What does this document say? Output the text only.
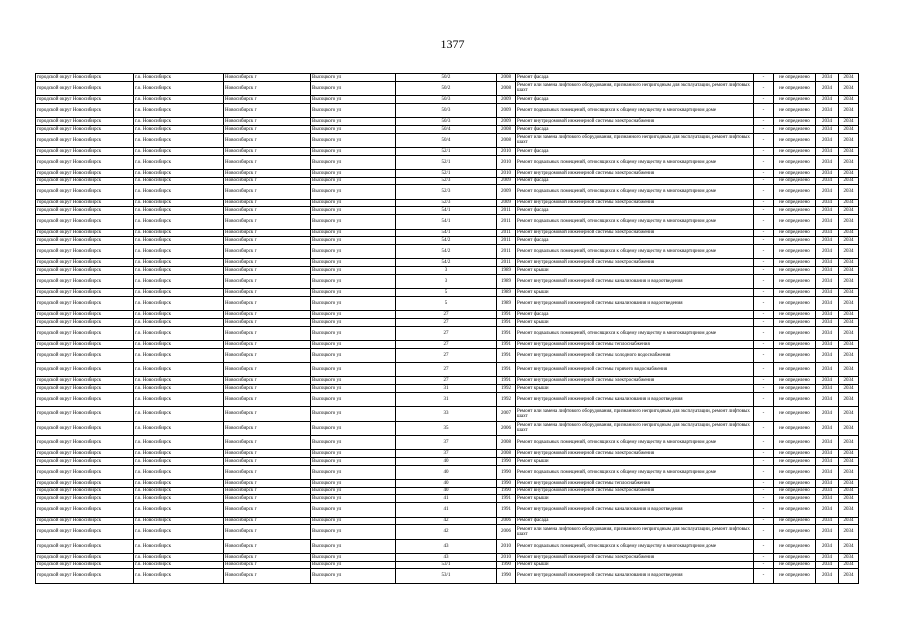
1377
городской округ Новосибирск	г.о. Новосибирск	Новосибирск г	Высоцкого ул	50/2	2008	Ремонт фасада	-	не определено	2034	2034
городской округ Новосибирск	г.о. Новосибирск	Новосибирск г	Высоцкого ул	50/2	2008	Ремонт или замена лифтового оборудования, признанного непригодным для эксплуатации, ремонт лифтовых шахт	-	не определено	2034	2034
городской округ Новосибирск	г.о. Новосибирск	Новосибирск г	Высоцкого ул	50/3	2009	Ремонт фасада	-	не определено	2034	2034
городской округ Новосибирск	г.о. Новосибирск	Новосибирск г	Высоцкого ул	50/3	2009	Ремонт подвальных помещений, относящихся к общему имуществу в многоквартирном доме	-	не определено	2034	2034
городской округ Новосибирск	г.о. Новосибирск	Новосибирск г	Высоцкого ул	50/3	2009	Ремонт внутридомовой инженерной системы электроснабжения	-	не определено	2034	2034
городской округ Новосибирск	г.о. Новосибирск	Новосибирск г	Высоцкого ул	50/4	2008	Ремонт фасада	-	не определено	2034	2034
городской округ Новосибирск	г.о. Новосибирск	Новосибирск г	Высоцкого ул	50/4	2008	Ремонт или замена лифтового оборудования, признанного непригодным для эксплуатации, ремонт лифтовых шахт	-	не определено	2034	2034
городской округ Новосибирск	г.о. Новосибирск	Новосибирск г	Высоцкого ул	52/1	2010	Ремонт фасада	-	не определено	2034	2034
городской округ Новосибирск	г.о. Новосибирск	Новосибирск г	Высоцкого ул	52/1	2010	Ремонт подвальных помещений, относящихся к общему имуществу в многоквартирном доме	-	не определено	2034	2034
городской округ Новосибирск	г.о. Новосибирск	Новосибирск г	Высоцкого ул	52/1	2010	Ремонт внутридомовой инженерной системы электроснабжения	-	не определено	2034	2034
городской округ Новосибирск	г.о. Новосибирск	Новосибирск г	Высоцкого ул	52/3	2009	Ремонт фасада	-	не определено	2034	2034
городской округ Новосибирск	г.о. Новосибирск	Новосибирск г	Высоцкого ул	52/3	2009	Ремонт подвальных помещений, относящихся к общему имуществу в многоквартирном доме	-	не определено	2034	2034
городской округ Новосибирск	г.о. Новосибирск	Новосибирск г	Высоцкого ул	52/3	2009	Ремонт внутридомовой инженерной системы электроснабжения	-	не определено	2034	2034
городской округ Новосибирск	г.о. Новосибирск	Новосибирск г	Высоцкого ул	54/1	2011	Ремонт фасада	-	не определено	2034	2034
городской округ Новосибирск	г.о. Новосибирск	Новосибирск г	Высоцкого ул	54/1	2011	Ремонт подвальных помещений, относящихся к общему имуществу в многоквартирном доме	-	не определено	2034	2034
городской округ Новосибирск	г.о. Новосибирск	Новосибирск г	Высоцкого ул	54/1	2011	Ремонт внутридомовой инженерной системы электроснабжения	-	не определено	2034	2034
городской округ Новосибирск	г.о. Новосибирск	Новосибирск г	Высоцкого ул	54/2	2011	Ремонт фасада	-	не определено	2034	2034
городской округ Новосибирск	г.о. Новосибирск	Новосибирск г	Высоцкого ул	54/2	2011	Ремонт подвальных помещений, относящихся к общему имуществу в многоквартирном доме	-	не определено	2034	2034
городской округ Новосибирск	г.о. Новосибирск	Новосибирск г	Высоцкого ул	54/2	2011	Ремонт внутридомовой инженерной системы электроснабжения	-	не определено	2034	2034
городской округ Новосибирск	г.о. Новосибирск	Новосибирск г	Высоцкого ул	3	1989	Ремонт крыши	-	не определено	2034	2034
городской округ Новосибирск	г.о. Новосибирск	Новосибирск г	Высоцкого ул	3	1989	Ремонт внутридомовой инженерной системы канализования и водоотведения	-	не определено	2034	2034
городской округ Новосибирск	г.о. Новосибирск	Новосибирск г	Высоцкого ул	5	1989	Ремонт крыши	-	не определено	2034	2034
городской округ Новосибирск	г.о. Новосибирск	Новосибирск г	Высоцкого ул	5	1989	Ремонт внутридомовой инженерной системы канализования и водоотведения	-	не определено	2034	2034
городской округ Новосибирск	г.о. Новосибирск	Новосибирск г	Высоцкого ул	27	1991	Ремонт фасада	-	не определено	2034	2034
городской округ Новосибирск	г.о. Новосибирск	Новосибирск г	Высоцкого ул	27	1991	Ремонт крыши	-	не определено	2034	2034
городской округ Новосибирск	г.о. Новосибирск	Новосибирск г	Высоцкого ул	27	1991	Ремонт подвальных помещений, относящихся к общему имуществу в многоквартирном доме	-	не определено	2034	2034
городской округ Новосибирск	г.о. Новосибирск	Новосибирск г	Высоцкого ул	27	1991	Ремонт внутридомовой инженерной системы теплоснабжения	-	не определено	2034	2034
городской округ Новосибирск	г.о. Новосибирск	Новосибирск г	Высоцкого ул	27	1991	Ремонт внутридомовой инженерной системы холодного водоснабжения	-	не определено	2034	2034
городской округ Новосибирск	г.о. Новосибирск	Новосибирск г	Высоцкого ул	27	1991	Ремонт внутридомовой инженерной системы горячего водоснабжения	-	не определено	2034	2034
городской округ Новосибирск	г.о. Новосибирск	Новосибирск г	Высоцкого ул	27	1991	Ремонт внутридомовой инженерной системы электроснабжения	-	не определено	2034	2034
городской округ Новосибирск	г.о. Новосибирск	Новосибирск г	Высоцкого ул	31	1992	Ремонт крыши	-	не определено	2034	2034
городской округ Новосибирск	г.о. Новосибирск	Новосибирск г	Высоцкого ул	31	1992	Ремонт внутридомовой инженерной системы канализования и водоотведения	-	не определено	2034	2034
городской округ Новосибирск	г.о. Новосибирск	Новосибирск г	Высоцкого ул	33	2007	Ремонт или замена лифтового оборудования, признанного непригодным для эксплуатации, ремонт лифтовых шахт	-	не определено	2034	2034
городской округ Новосибирск	г.о. Новосибирск	Новосибирск г	Высоцкого ул	35	2006	Ремонт или замена лифтового оборудования, признанного непригодным для эксплуатации, ремонт лифтовых шахт	-	не определено	2034	2034
городской округ Новосибирск	г.о. Новосибирск	Новосибирск г	Высоцкого ул	37	2008	Ремонт подвальных помещений, относящихся к общему имуществу в многоквартирном доме	-	не определено	2034	2034
городской округ Новосибирск	г.о. Новосибирск	Новосибирск г	Высоцкого ул	37	2008	Ремонт внутридомовой инженерной системы электроснабжения	-	не определено	2034	2034
городской округ Новосибирск	г.о. Новосибирск	Новосибирск г	Высоцкого ул	40	1990	Ремонт крыши	-	не определено	2034	2034
городской округ Новосибирск	г.о. Новосибирск	Новосибирск г	Высоцкого ул	40	1990	Ремонт подвальных помещений, относящихся к общему имуществу в многоквартирном доме	-	не определено	2034	2034
городской округ Новосибирск	г.о. Новосибирск	Новосибирск г	Высоцкого ул	40	1990	Ремонт внутридомовой инженерной системы теплоснабжения	-	не определено	2034	2034
городской округ Новосибирск	г.о. Новосибирск	Новосибирск г	Высоцкого ул	40	1990	Ремонт внутридомовой инженерной системы электроснабжения	-	не определено	2034	2034
городской округ Новосибирск	г.о. Новосибирск	Новосибирск г	Высоцкого ул	41	1991	Ремонт крыши	-	не определено	2034	2034
городской округ Новосибирск	г.о. Новосибирск	Новосибирск г	Высоцкого ул	41	1991	Ремонт внутридомовой инженерной системы канализования и водоотведения	-	не определено	2034	2034
городской округ Новосибирск	г.о. Новосибирск	Новосибирск г	Высоцкого ул	42	2006	Ремонт фасада	-	не определено	2034	2034
городской округ Новосибирск	г.о. Новосибирск	Новосибирск г	Высоцкого ул	42	2006	Ремонт или замена лифтового оборудования, признанного непригодным для эксплуатации, ремонт лифтовых шахт	-	не определено	2034	2034
городской округ Новосибирск	г.о. Новосибирск	Новосибирск г	Высоцкого ул	43	2010	Ремонт подвальных помещений, относящихся к общему имуществу в многоквартирном доме	-	не определено	2034	2034
городской округ Новосибирск	г.о. Новосибирск	Новосибирск г	Высоцкого ул	43	2010	Ремонт внутридомовой инженерной системы электроснабжения	-	не определено	2034	2034
городской округ Новосибирск	г.о. Новосибирск	Новосибирск г	Высоцкого ул	53/1	1990	Ремонт крыши	-	не определено	2034	2034
городской округ Новосибирск	г.о. Новосибирск	Новосибирск г	Высоцкого ул	53/1	1990	Ремонт внутридомовой инженерной системы канализования и водоотведения	-	не определено	2034	2034
